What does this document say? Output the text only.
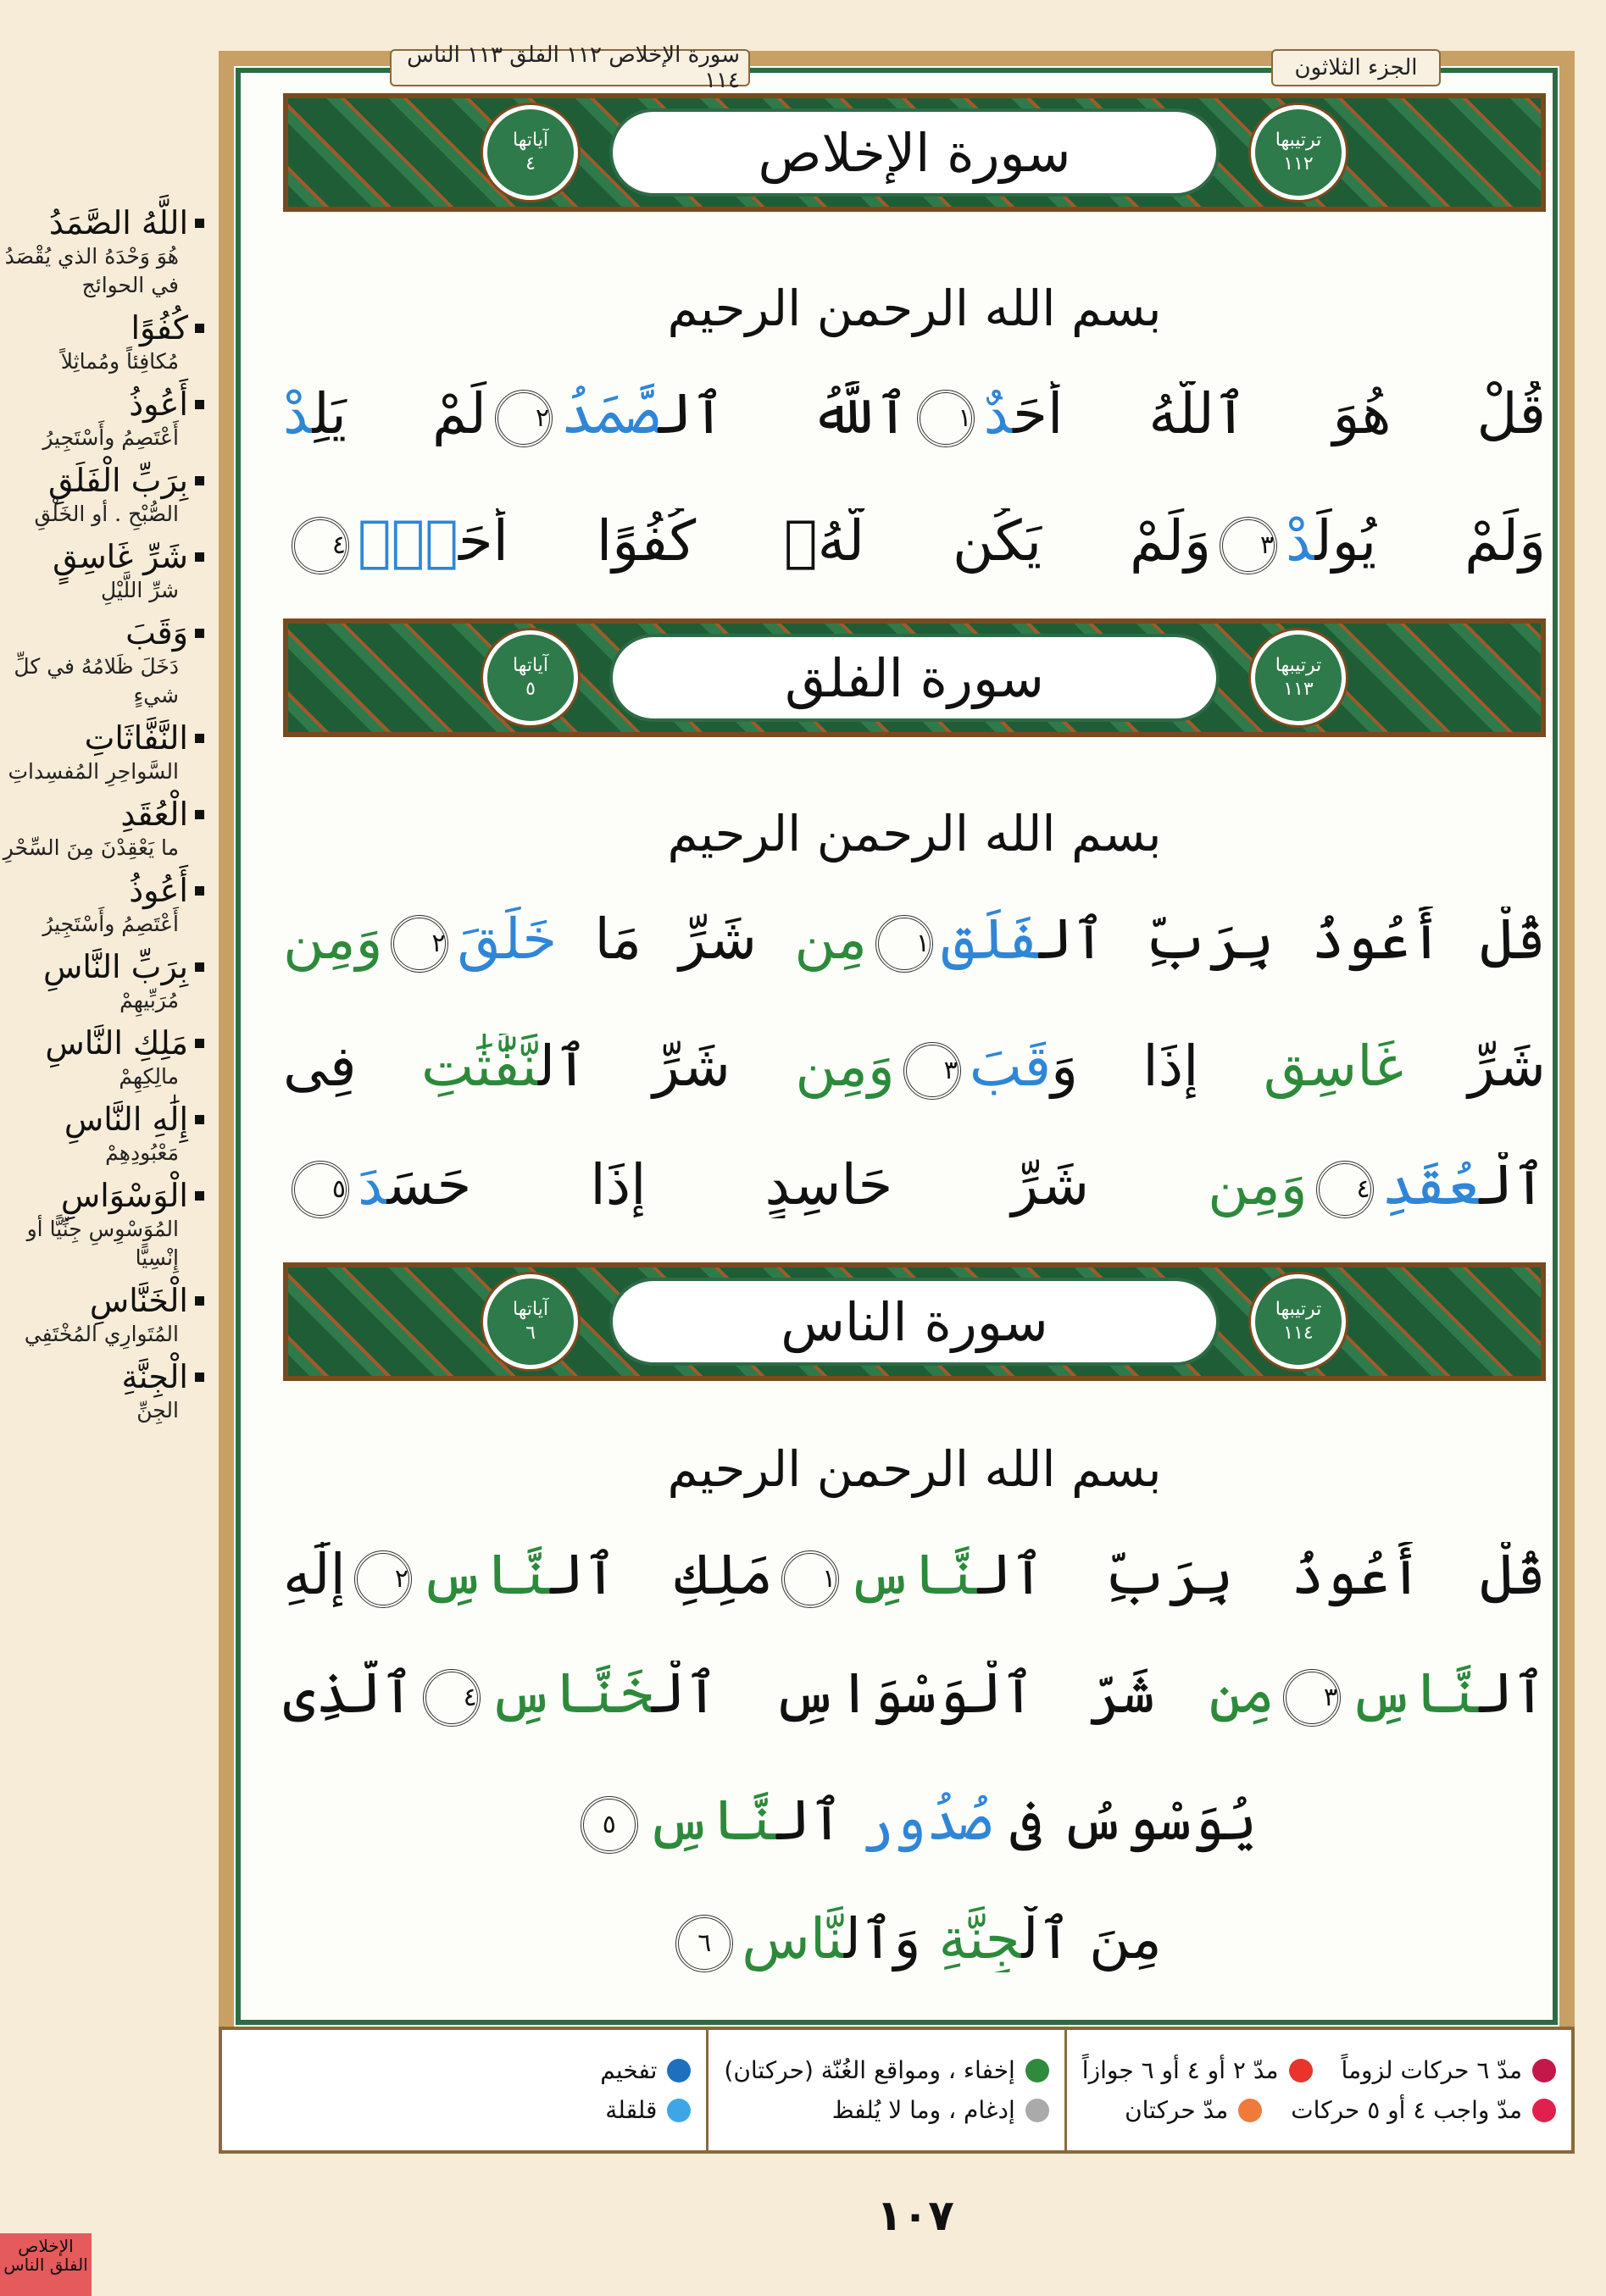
سورة الإخلاص ١١٢ الفلق ١١٣ الناس ١١٤	الجزء الثلاثون
ترتيبها
١١٢
سورة الإخلاص
آياتها
٤
بسم الله الرحمن الرحيم
قُلْ هُوَ ٱللَّهُ أَحَدٌ١ٱللَّهُ ٱلصَّمَدُ٢لَمْ يَلِدْ
وَلَمْ يُولَدْ٣وَلَمْ يَكُن لَّهُۥ كُفُوًا أَحَدٌۢ٤
ترتيبها
١١٣
سورة الفلق
آياتها
٥
بسم الله الرحمن الرحيم
قُلْ أَعُوذُ بِرَبِّ ٱلفَلَقِ١مِن شَرِّ مَا خَلَقَ٢وَمِن
شَرِّ غَاسِقٍ إِذَا وَقَبَ٣وَمِن شَرِّ ٱلنَّفَّٰثَٰتِ فِى
ٱلْعُقَدِ٤وَمِن شَرِّ حَاسِدٍ إِذَا حَسَدَ٥
ترتيبها
١١٤
سورة الناس
آياتها
٦
بسم الله الرحمن الرحيم
قُلْ أَعُوذُ بِرَبِّ ٱلنَّاسِ١مَلِكِ ٱلنَّاسِ٢إِلَٰهِ
ٱلنَّاسِ٣مِن شَرِّ ٱلْوَسْوَاسِ ٱلْخَنَّاسِ٤ٱلَّذِى
يُوَسْوِسُ فِى صُدُورِ ٱلنَّاسِ٥
مِنَ ٱلْجِنَّةِ وَٱلنَّاسِ٦
اللَّهُ الصَّمَدُ
هُوَ وَحْدَهُ الذي يُقْصَدُ في الحوائج
كُفُوًا
مُكافِئاً ومُماثِلاً
أَعُوذُ
أَعْتَصِمُ وأَسْتَجِيرُ
بِرَبِّ الْفَلَقِ
الصُّبْحِ . أو الخَلْقِ
شَرِّ غَاسِقٍ
شرِّ اللَّيْلِ
وَقَبَ
دَخَلَ ظَلامُهُ في كلِّ شيءٍ
النَّفَّاثَاتِ
السَّواحِرِ المُفسِداتِ
الْعُقَدِ
ما يَعْقِدْنَ مِنَ السِّحْرِ
أَعُوذُ
أَعْتَصِمُ وأَسْتَجِيرُ
بِرَبِّ النَّاسِ
مُرَبِّيهِمْ
مَلِكِ النَّاسِ
مالِكِهِمْ
إِلَٰهِ النَّاسِ
مَعْبُودِهِمْ
الْوَسْوَاسِ
المُوَسْوِسِ جِنِّيًّا أو إِنْسِيًّا
الْخَنَّاسِ
المُتَوارِي المُخْتَفِي
الْجِنَّةِ
الجِنِّ
مدّ ٦ حركات لزوماً
مدّ ٢ أو ٤ أو ٦ جوازاً
مدّ واجب ٤ أو ٥ حركات
مدّ حركتان
إخفاء ، ومواقع الغُنّة (حركتان)
إدغام ، وما لا يُلفظ
تفخيم
قلقلة
١٠٧
الإخلاص الفلق الناس
